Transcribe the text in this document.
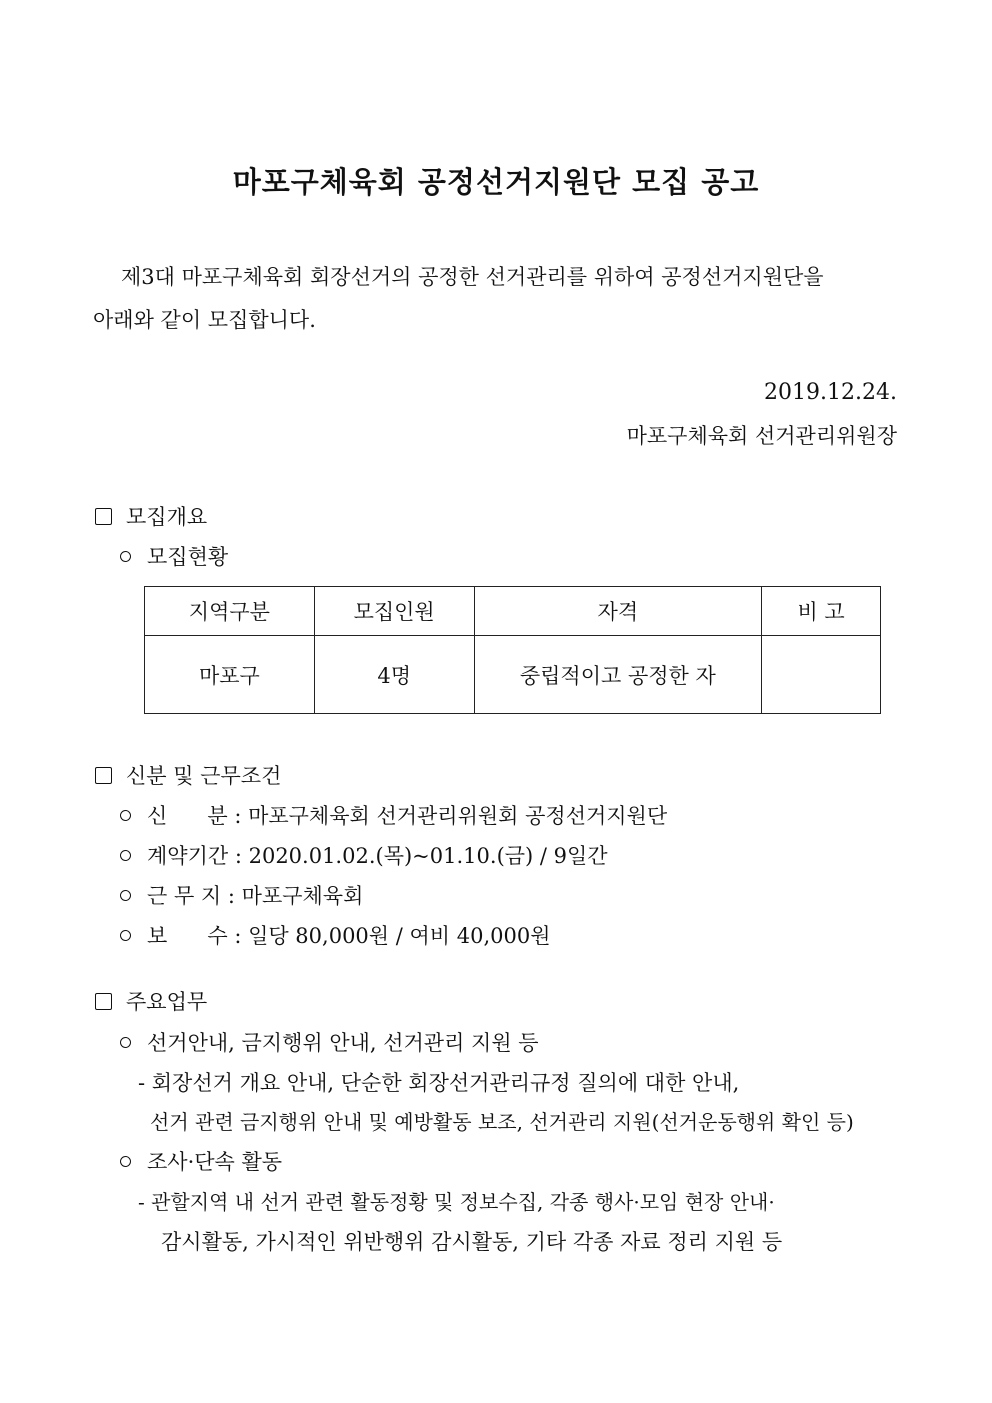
마포구체육회 공정선거지원단 모집 공고
제3대 마포구체육회 회장선거의 공정한 선거관리를 위하여 공정선거지원단을
아래와 같이 모집합니다.
2019.12.24.
마포구체육회 선거관리위원장
모집개요
모집현황
지역구분	모집인원	자격	비 고
마포구	4명	중립적이고 공정한 자	
신분 및 근무조건
신      분 : 마포구체육회 선거관리위원회 공정선거지원단
계약기간 : 2020.01.02.(목)~01.10.(금) / 9일간
근 무 지 : 마포구체육회
보      수 : 일당 80,000원 / 여비 40,000원
주요업무
선거안내, 금지행위 안내, 선거관리 지원 등
- 회장선거 개요 안내, 단순한 회장선거관리규정 질의에 대한 안내,
선거 관련 금지행위 안내 및 예방활동 보조, 선거관리 지원(선거운동행위 확인 등)
조사·단속 활동
- 관할지역 내 선거 관련 활동정황 및 정보수집, 각종 행사·모임 현장 안내·
감시활동, 가시적인 위반행위 감시활동, 기타 각종 자료 정리 지원 등
